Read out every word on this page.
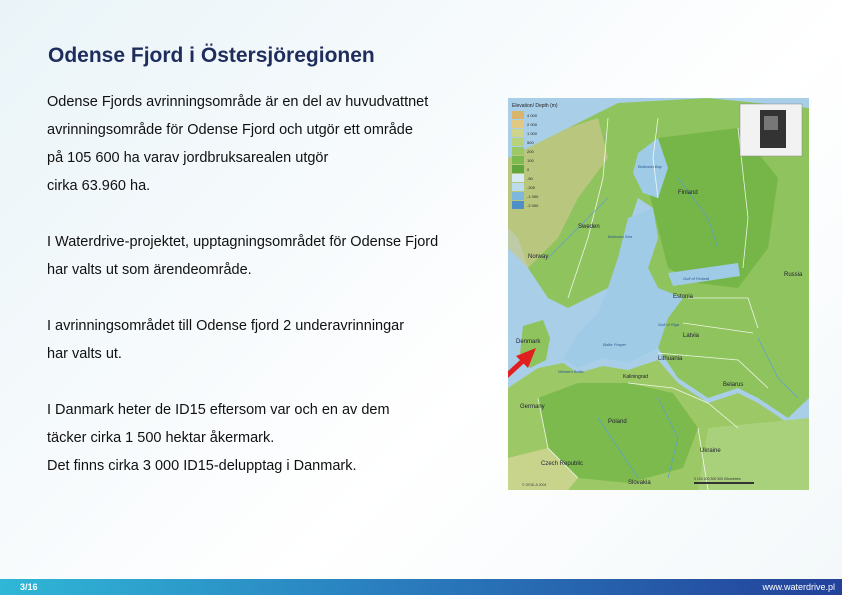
Odense Fjord i Östersjöregionen

Odense Fjords avrinningsområde är en del av huvudvattnet
avrinningsområde för Odense Fjord och utgör ett område
på 105 600 ha varav jordbruksarealen utgör
cirka 63.960 ha.

I Waterdrive-projektet, upptagningsområdet för Odense Fjord
har valts ut som ärendeområde.

I avrinningsområdet till Odense fjord 2 underavrinningar
har valts ut.

I Danmark heter de ID15 eftersom var och en av dem
täcker cirka 1 500 hektar åkermark.
Det finns cirka 3 000 ID15-delupptag i Danmark.

Elevation/ Depth (m)
4 000
2 000
1 000
500
200
100
0
-50
-200
-1 000
-2 000
Norway
Sweden
Finland
Russia
Estonia
Latvia
Lithuania
Belarus
Denmark
Germany
Poland
Czech Republic
Slovakia
Ukraine
Kaliningrad
Bothnian Bay
Bothnian Sea
Gulf of Finland
Gulf of Riga
Baltic Proper
Western Baltic
© GRID-A 2004
0 100 200 300 500 Kilometres
3/16	www.waterdrive.pl
